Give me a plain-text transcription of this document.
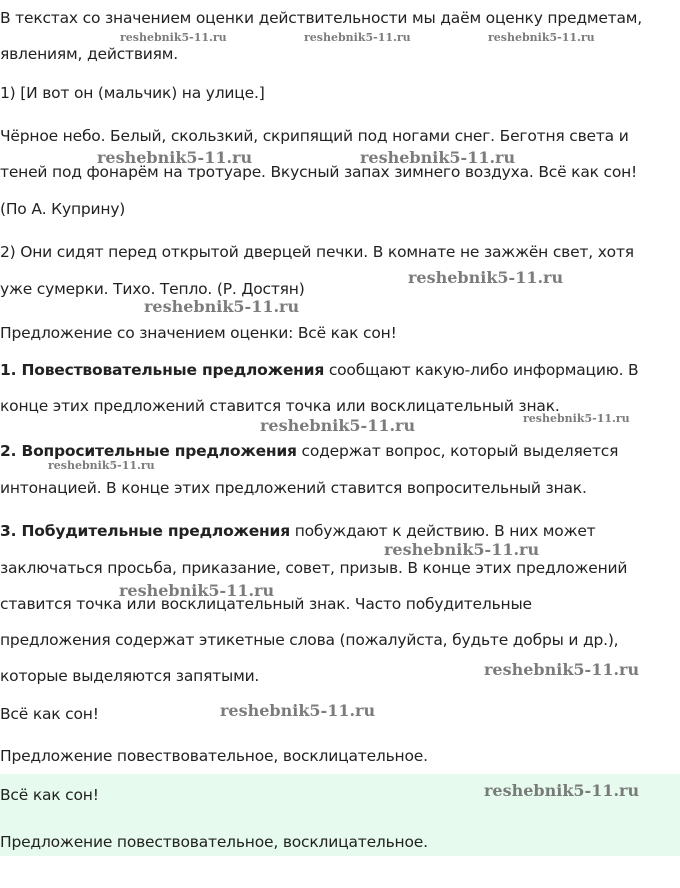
В текстах со значением оценки действительности мы даём оценку предметам,

явлениям, действиям.

1) [И вот он (мальчик) на улице.]

Чёрное небо. Белый, скользкий, скрипящий под ногами снег. Беготня света и

теней под фонарём на тротуаре. Вкусный запах зимнего воздуха. Всё как сон!

(По А. Куприну)

2) Они сидят перед открытой дверцей печки. В комнате не зажжён свет, хотя

уже сумерки. Тихо. Тепло. (Р. Достян)

Предложение со значением оценки: Всё как сон!

1. Повествовательные предложения сообщают какую-либо информацию. В

конце этих предложений ставится точка или восклицательный знак.

2. Вопросительные предложения содержат вопрос, который выделяется

интонацией. В конце этих предложений ставится вопросительный знак.

3. Побудительные предложения побуждают к действию. В них может

заключаться просьба, приказание, совет, призыв. В конце этих предложений

ставится точка или восклицательный знак. Часто побудительные

предложения содержат этикетные слова (пожалуйста, будьте добры и др.),

которые выделяются запятыми.

Всё как сон!

Предложение повествовательное, восклицательное.

Всё как сон!

Предложение повествовательное, восклицательное.

reshebnik5-11.ru	reshebnik5-11.ru	reshebnik5-11.ru
reshebnik5-11.ru	reshebnik5-11.ru
reshebnik5-11.ru
reshebnik5-11.ru
reshebnik5-11.ru	reshebnik5-11.ru
reshebnik5-11.ru
reshebnik5-11.ru
reshebnik5-11.ru
reshebnik5-11.ru
reshebnik5-11.ru
reshebnik5-11.ru
